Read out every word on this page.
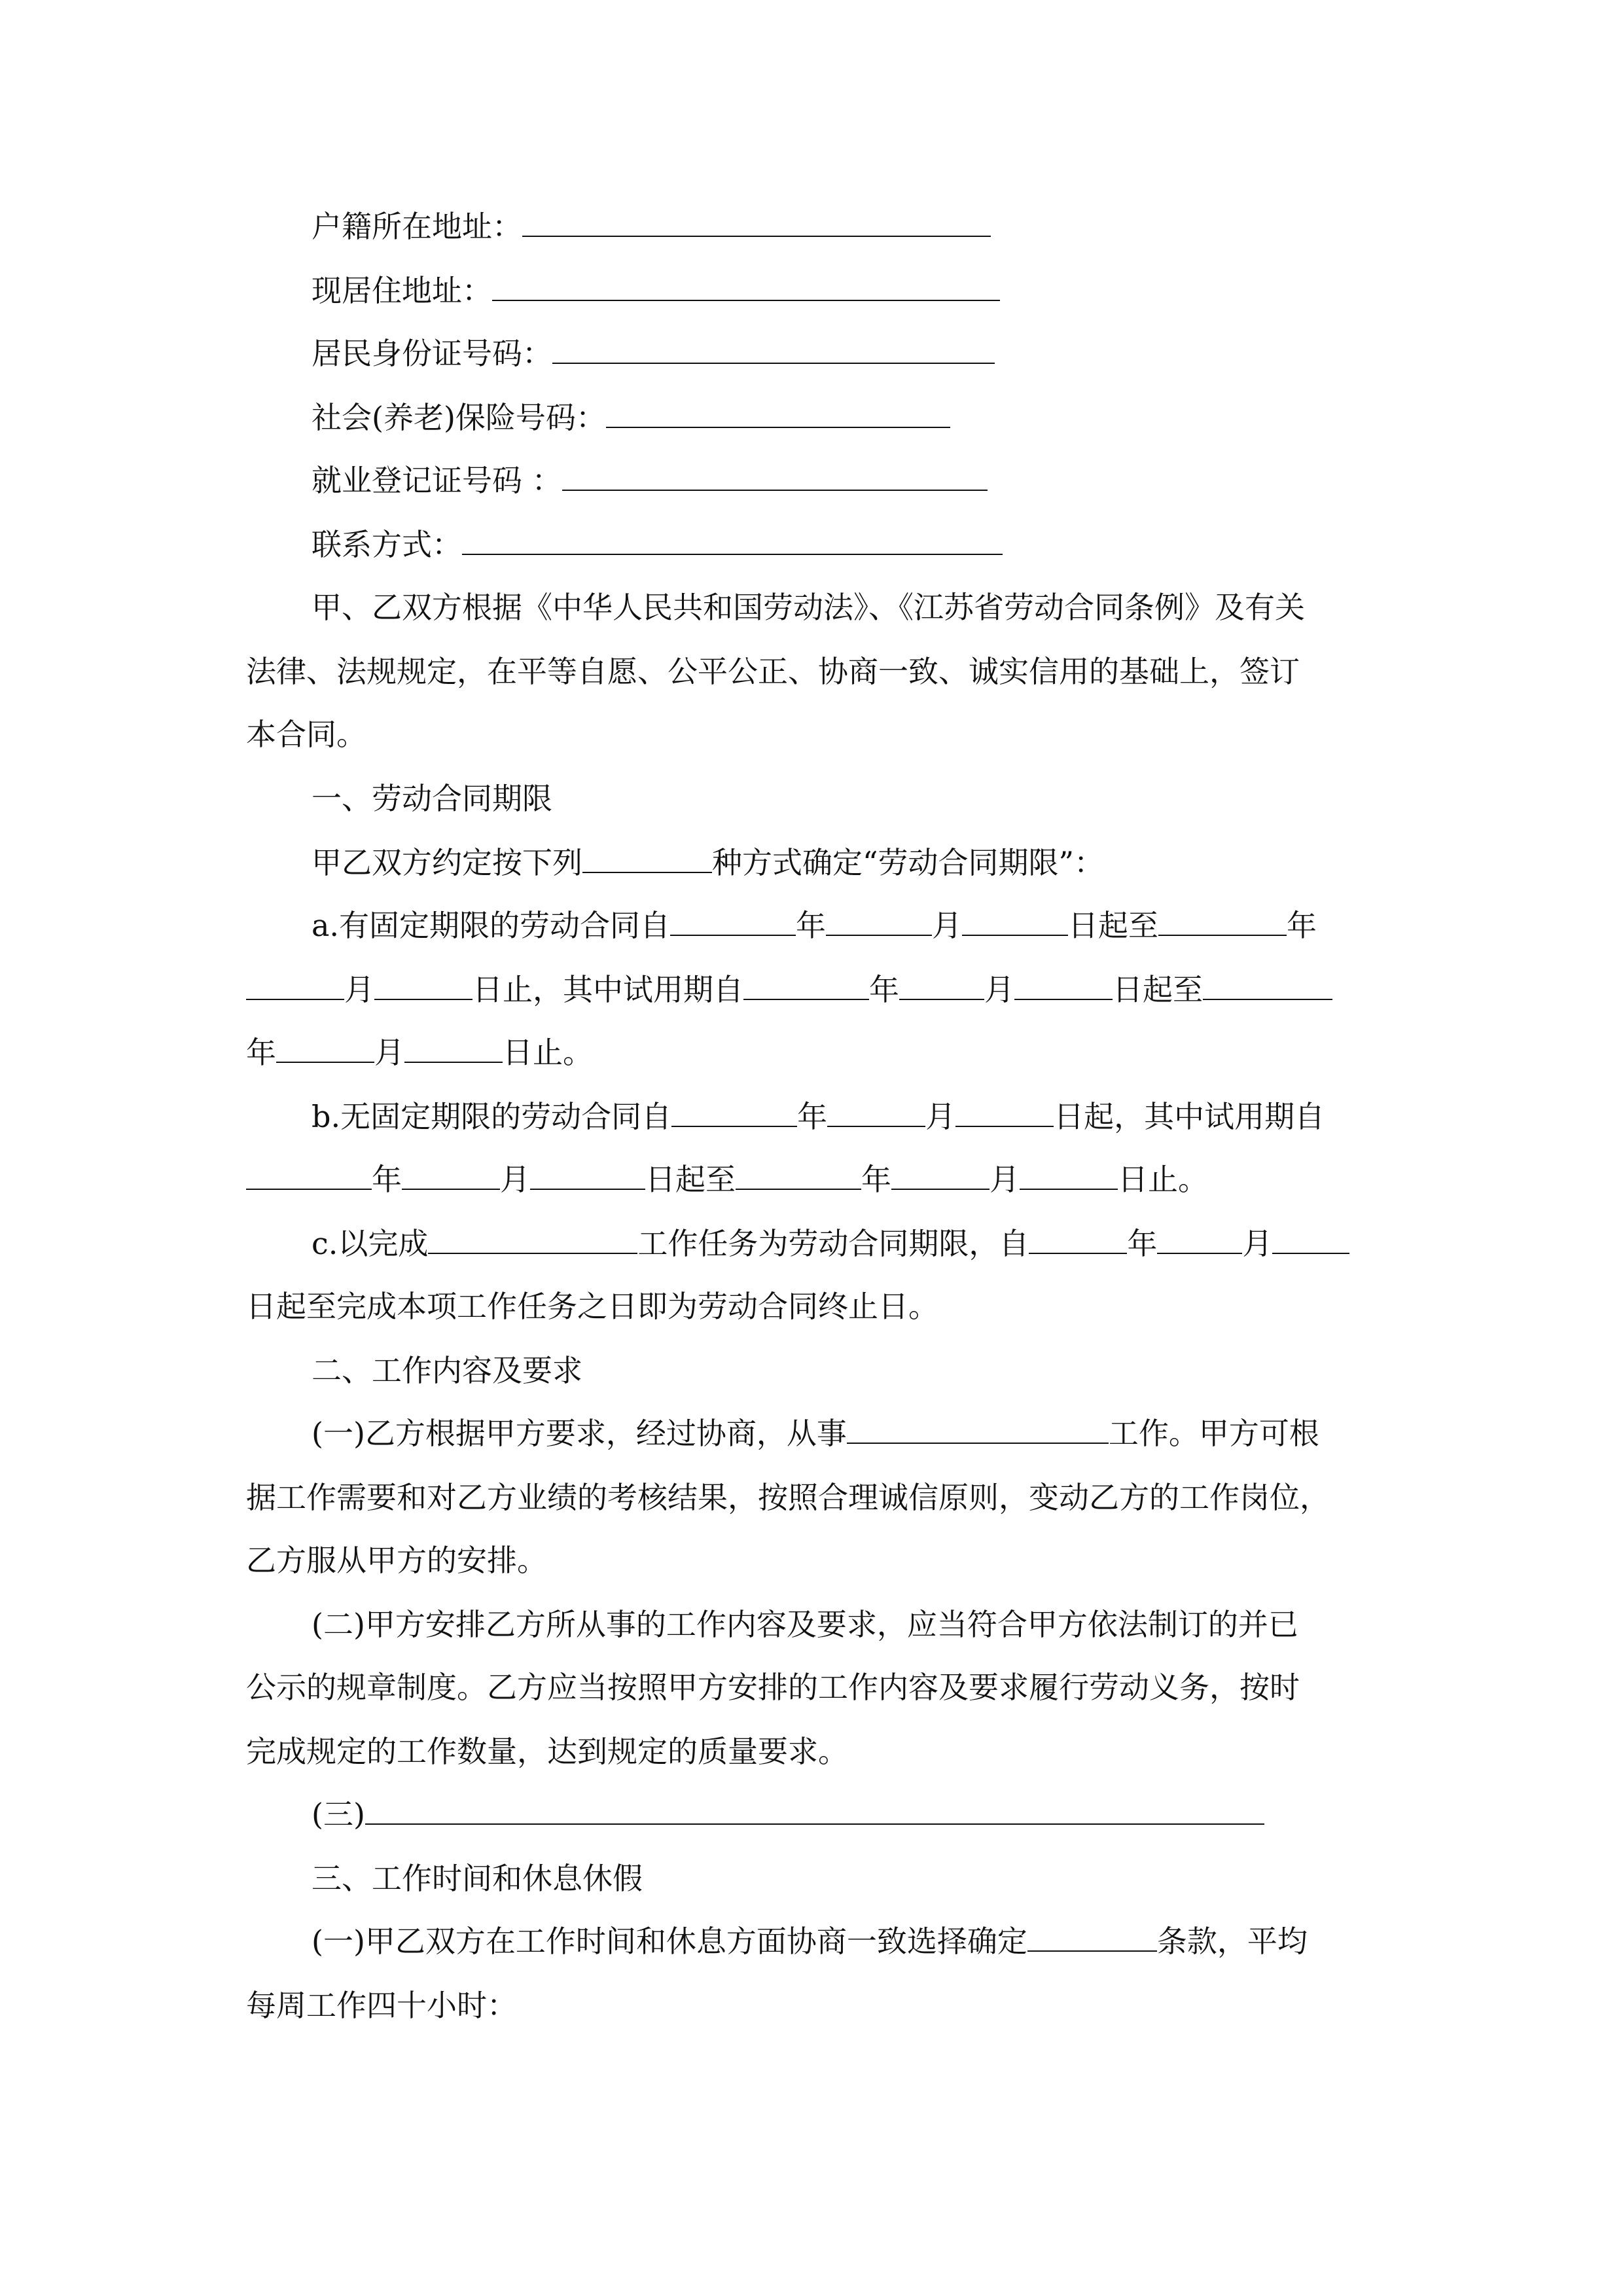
户籍所在地址：
现居住地址：
居民身份证号码：
社会(养老)保险号码：
就业登记证号码 ：
联系方式：
甲、乙双方根据《中华人民共和国劳动法》、《江苏省劳动合同条例》及有关
法律、法规规定，在平等自愿、公平公正、协商一致、诚实信用的基础上，签订
本合同。
一、劳动合同期限
甲乙双方约定按下列	种方式确定“劳动合同期限”：
a.有固定期限的劳动合同自	年	月	日起至	年
月	日止，其中试用期自	年	月	日起至
年	月	日止。
b.无固定期限的劳动合同自	年	月	日起，其中试用期自
年	月	日起至	年	月	日止。
c.以完成	工作任务为劳动合同期限，自	年	月
日起至完成本项工作任务之日即为劳动合同终止日。
二、工作内容及要求
(一)乙方根据甲方要求，经过协商，从事	工作。甲方可根
据工作需要和对乙方业绩的考核结果，按照合理诚信原则，变动乙方的工作岗位，
乙方服从甲方的安排。
(二)甲方安排乙方所从事的工作内容及要求，应当符合甲方依法制订的并已
公示的规章制度。乙方应当按照甲方安排的工作内容及要求履行劳动义务，按时
完成规定的工作数量，达到规定的质量要求。
(三)
三、工作时间和休息休假
(一)甲乙双方在工作时间和休息方面协商一致选择确定	条款，平均
每周工作四十小时：
